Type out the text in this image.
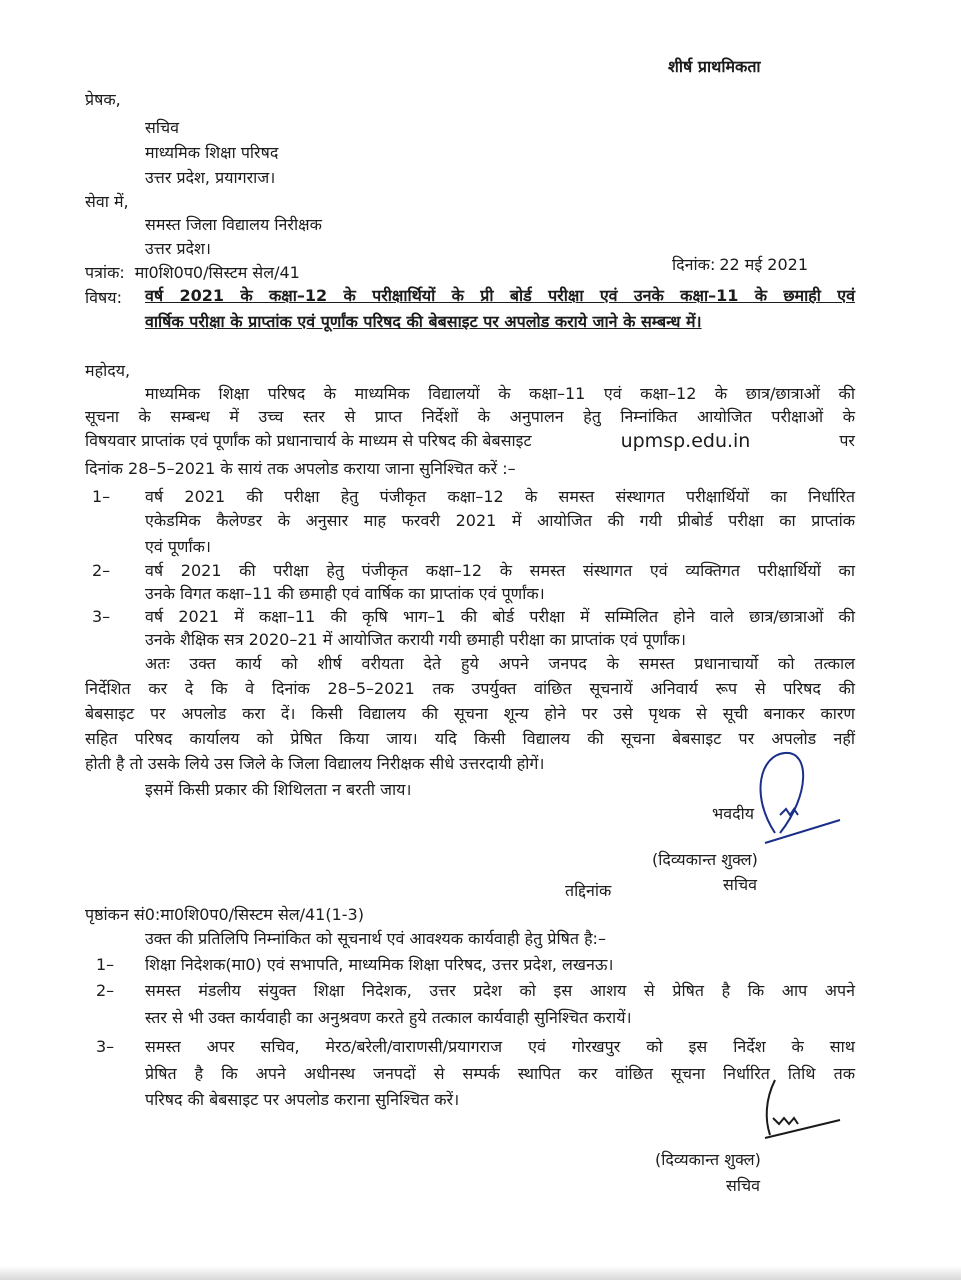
शीर्ष प्राथमिकता
प्रेषक,
सचिव
माध्यमिक शिक्षा परिषद
उत्तर प्रदेश, प्रयागराज।
सेवा में,
समस्त जिला विद्यालय निरीक्षक
उत्तर प्रदेश।
पत्रांक: मा0शि0प0/सिस्टम सेल/41	दिनांक: 22 मई 2021
विषय: वर्ष 2021 के कक्षा–12 के परीक्षार्थियों के प्री बोर्ड परीक्षा एवं उनके कक्षा–11 के छमाही एवं
वार्षिक परीक्षा के प्राप्तांक एवं पूर्णांक परिषद की बेबसाइट पर अपलोड कराये जाने के सम्बन्ध में।
महोदय,
माध्यमिक शिक्षा परिषद के माध्यमिक विद्यालयों के कक्षा–11 एवं कक्षा–12 के छात्र/छात्राओं की
सूचना के सम्बन्ध में उच्च स्तर से प्राप्त निर्देशों के अनुपालन हेतु निम्नांकित आयोजित परीक्षाओं के
विषयवार प्राप्तांक एवं पूर्णांक को प्रधानाचार्य के माध्यम से परिषद की बेबसाइट	upmsp.edu.in	पर
दिनांक 28–5–2021 के सायं तक अपलोड कराया जाना सुनिश्चित करें :–
1– वर्ष 2021 की परीक्षा हेतु पंजीकृत कक्षा–12 के समस्त संस्थागत परीक्षार्थियों का निर्धारित
एकेडमिक कैलेण्डर के अनुसार माह फरवरी 2021 में आयोजित की गयी प्रीबोर्ड परीक्षा का प्राप्तांक
एवं पूर्णांक।
2– वर्ष 2021 की परीक्षा हेतु पंजीकृत कक्षा–12 के समस्त संस्थागत एवं व्यक्तिगत परीक्षार्थियों का
उनके विगत कक्षा–11 की छमाही एवं वार्षिक का प्राप्तांक एवं पूर्णांक।
3– वर्ष 2021 में कक्षा–11 की कृषि भाग–1 की बोर्ड परीक्षा में सम्मिलित होने वाले छात्र/छात्राओं की
उनके शैक्षिक सत्र 2020–21 में आयोजित करायी गयी छमाही परीक्षा का प्राप्तांक एवं पूर्णांक।
अतः उक्त कार्य को शीर्ष वरीयता देते हुये अपने जनपद के समस्त प्रधानाचार्यो को तत्काल
निर्देशित कर दे कि वे दिनांक 28–5–2021 तक उपर्युक्त वांछित सूचनायें अनिवार्य रूप से परिषद की
बेबसाइट पर अपलोड करा दें। किसी विद्यालय की सूचना शून्य होने पर उसे पृथक से सूची बनाकर कारण
सहित परिषद कार्यालय को प्रेषित किया जाय। यदि किसी विद्यालय की सूचना बेबसाइट पर अपलोड नहीं
होती है तो उसके लिये उस जिले के जिला विद्यालय निरीक्षक सीधे उत्तरदायी होगें।
इसमें किसी प्रकार की शिथिलता न बरती जाय।
भवदीय
(दिव्यकान्त शुक्ल)
सचिव
पृष्ठांकन सं0:मा0शि0प0/सिस्टम सेल/41(1-3)
तद्दिनांक
उक्त की प्रतिलिपि निम्नांकित को सूचनार्थ एवं आवश्यक कार्यवाही हेतु प्रेषित है:–
1– शिक्षा निदेशक(मा0) एवं सभापति, माध्यमिक शिक्षा परिषद, उत्तर प्रदेश, लखनऊ।
2– समस्त मंडलीय संयुक्त शिक्षा निदेशक, उत्तर प्रदेश को इस आशय से प्रेषित है कि आप अपने
स्तर से भी उक्त कार्यवाही का अनुश्रवण करते हुये तत्काल कार्यवाही सुनिश्चित करायें।
3– समस्त अपर सचिव, मेरठ/बरेली/वाराणसी/प्रयागराज एवं गोरखपुर को इस निर्देश के साथ
प्रेषित है कि अपने अधीनस्थ जनपदों से सम्पर्क स्थापित कर वांछित सूचना निर्धारित तिथि तक
परिषद की बेबसाइट पर अपलोड कराना सुनिश्चित करें।
(दिव्यकान्त शुक्ल)
सचिव
